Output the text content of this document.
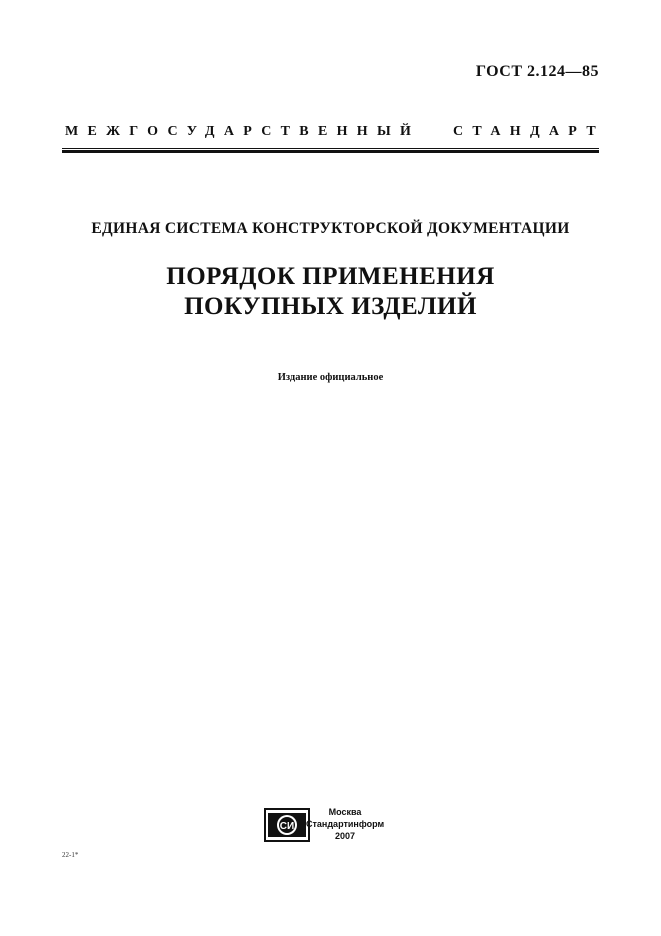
ГОСТ 2.124—85
МЕЖГОСУДАРСТВЕННЫЙ СТАНДАРТ
ЕДИНАЯ СИСТЕМА КОНСТРУКТОРСКОЙ ДОКУМЕНТАЦИИ
ПОРЯДОК ПРИМЕНЕНИЯ
ПОКУПНЫХ ИЗДЕЛИЙ
Издание официальное
СИ
Москва
Стандартинформ
2007
22-1*
